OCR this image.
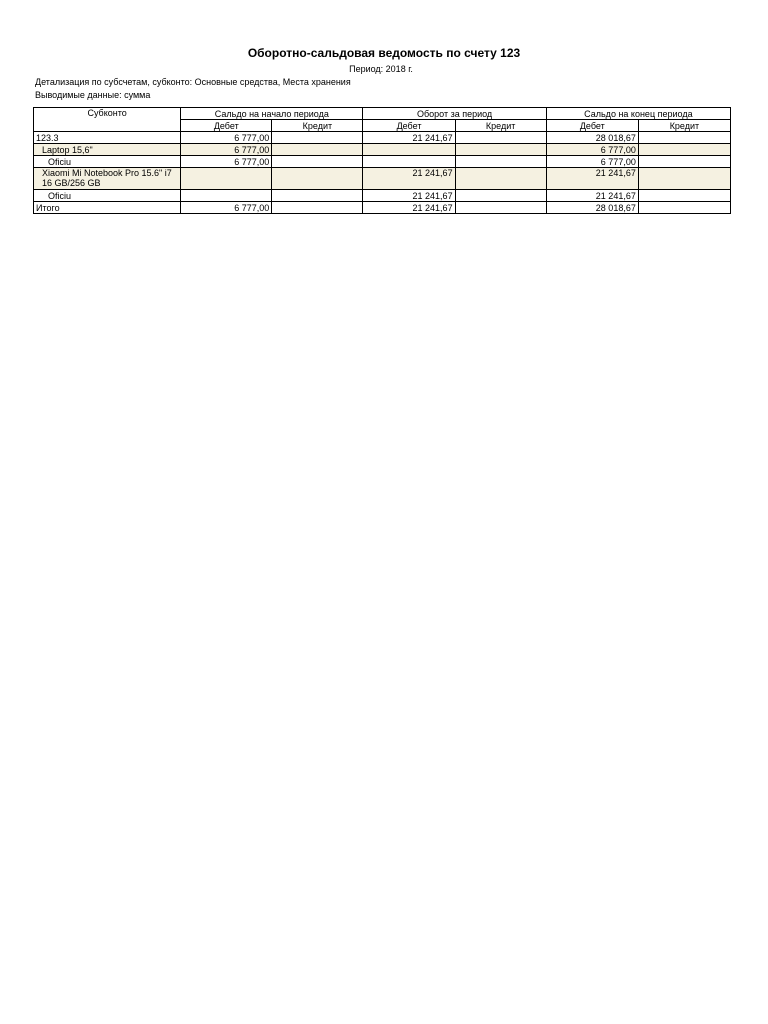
Оборотно-сальдовая ведомость по счету 123
Период: 2018 г.
Детализация по субсчетам, субконто: Основные средства, Места хранения
Выводимые данные: сумма
Субконто	Сальдо на начало периода		Оборот за период		Сальдо на конец периода	
	Дебет	Кредит	Дебет	Кредит	Дебет	Кредит
123.3	6 777,00		21 241,67		28 018,67	
Laptop 15,6"	6 777,00				6 777,00	
Oficiu	6 777,00				6 777,00	
Xiaomi Mi Notebook Pro 15.6" i7 16 GB/256 GB			21 241,67		21 241,67	
Oficiu			21 241,67		21 241,67	
Итого	6 777,00		21 241,67		28 018,67	
